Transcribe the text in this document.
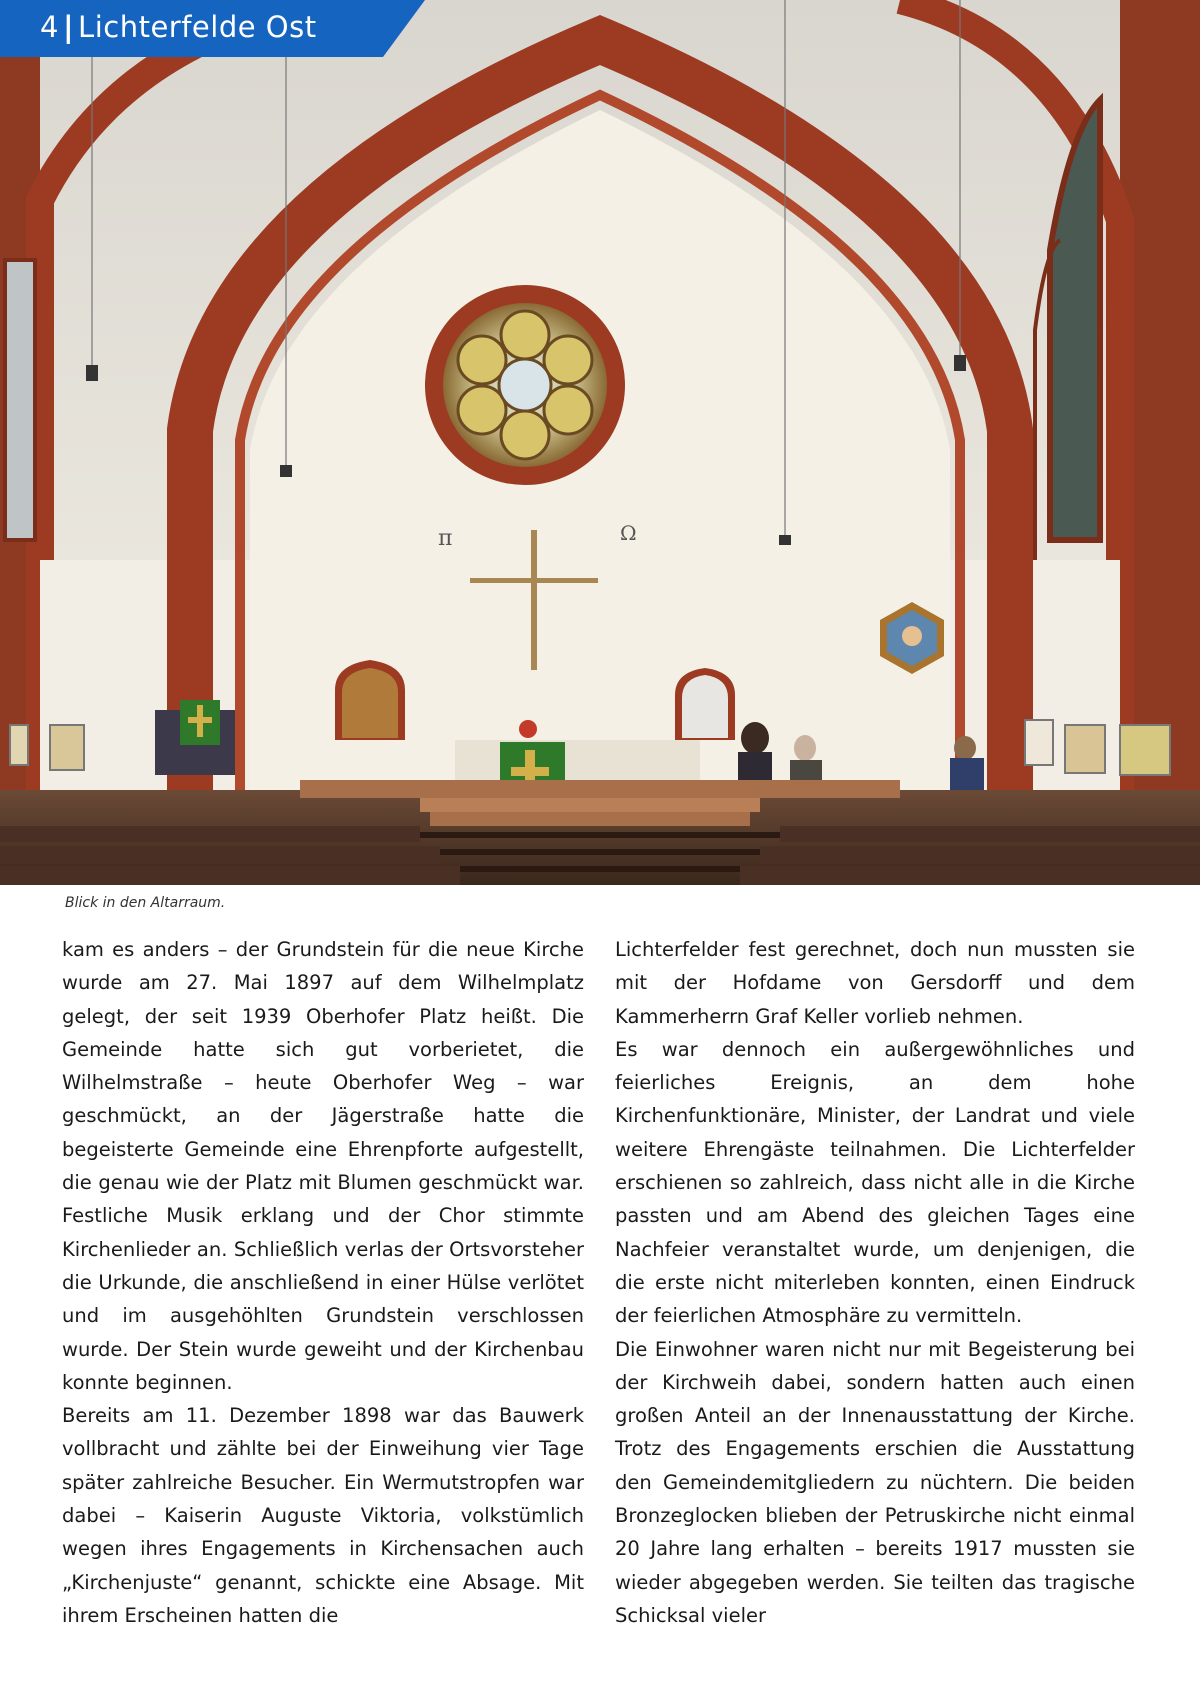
π	Ω
4 | Lichterfelde Ost
Blick in den Altarraum.

kam es anders – der Grundstein für die neue Kirche wurde am 27. Mai 1897 auf dem Wilhelmplatz gelegt, der seit 1939 Oberhofer Platz heißt. Die Gemeinde hatte sich gut vorberietet, die Wilhelmstraße – heute Oberhofer Weg – war geschmückt, an der Jägerstraße hatte die begeisterte Gemeinde eine Ehrenpforte aufgestellt, die genau wie der Platz mit Blumen geschmückt war. Festliche Musik erklang und der Chor stimmte Kirchenlieder an. Schließlich verlas der Ortsvorsteher die Urkunde, die anschließend in einer Hülse verlötet und im ausgehöhlten Grundstein verschlossen wurde. Der Stein wurde geweiht und der Kirchenbau konnte beginnen.

Bereits am 11. Dezember 1898 war das Bauwerk vollbracht und zählte bei der Einweihung vier Tage später zahlreiche Besucher. Ein Wermutstropfen war dabei – Kaiserin Auguste Viktoria, volkstümlich wegen ihres Engagements in Kirchensachen auch „Kirchenjuste“ genannt, schickte eine Absage. Mit ihrem Erscheinen hatten die

Lichterfelder fest gerechnet, doch nun mussten sie mit der Hofdame von Gersdorff und dem Kammerherrn Graf Keller vorlieb nehmen.

Es war dennoch ein außergewöhnliches und feierliches Ereignis, an dem hohe Kirchenfunktionäre, Minister, der Landrat und viele weitere Ehrengäste teilnahmen. Die Lichterfelder erschienen so zahlreich, dass nicht alle in die Kirche passten und am Abend des gleichen Tages eine Nachfeier veranstaltet wurde, um denjenigen, die die erste nicht miterleben konnten, einen Eindruck der feierlichen Atmosphäre zu vermitteln.

Die Einwohner waren nicht nur mit Begeisterung bei der Kirchweih dabei, sondern hatten auch einen großen Anteil an der Innenausstattung der Kirche. Trotz des Engagements erschien die Ausstattung den Gemeindemitgliedern zu nüchtern. Die beiden Bronzeglocken blieben der Petruskirche nicht einmal 20 Jahre lang erhalten – bereits 1917 mussten sie wieder abgegeben werden. Sie teilten das tragische Schicksal vieler
